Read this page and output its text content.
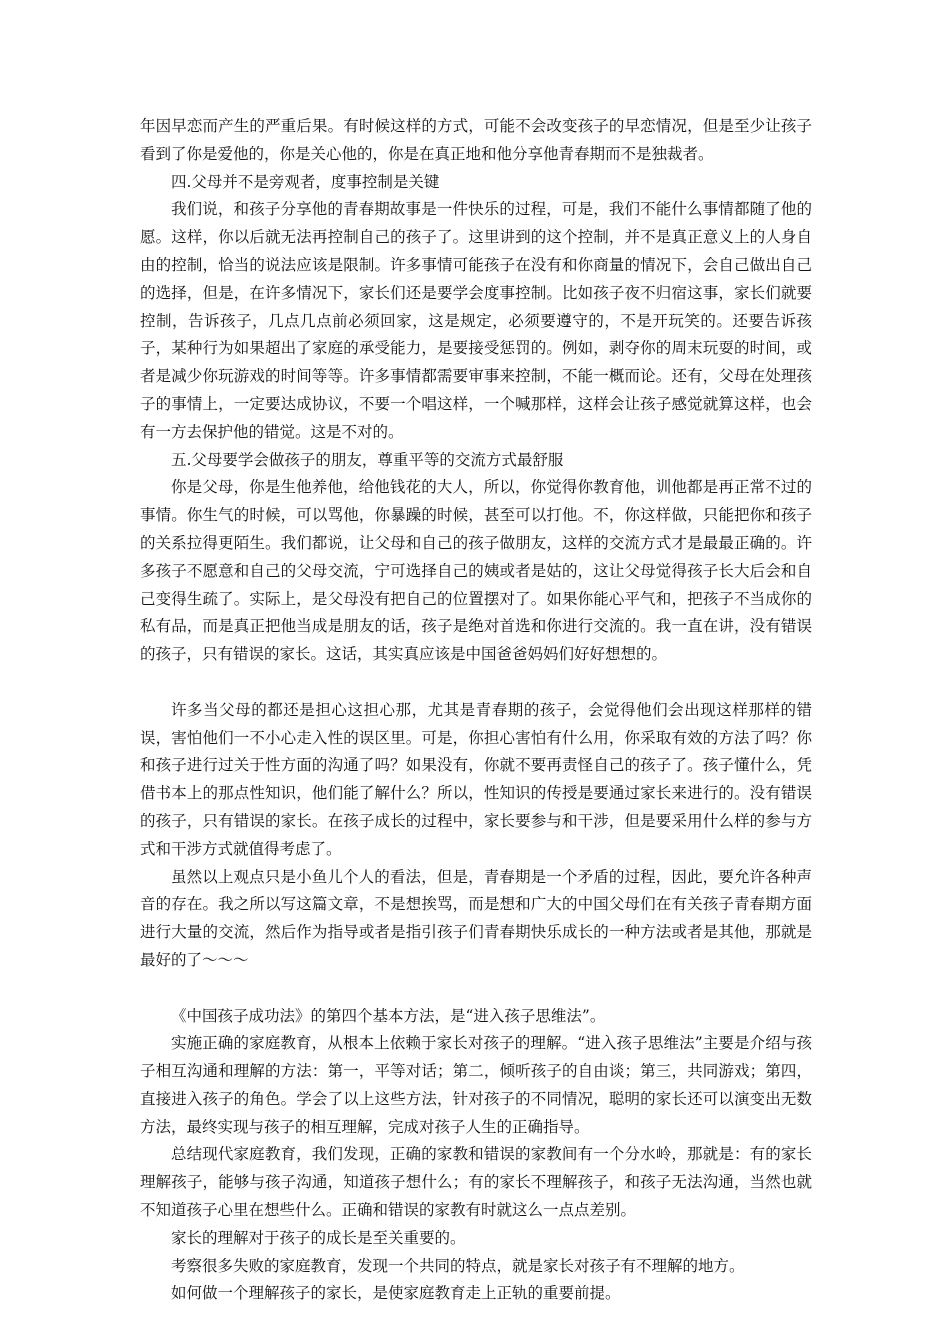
年因早恋而产生的严重后果。有时候这样的方式，可能不会改变孩子的早恋情况，但是至少让孩子看到了你是爱他的，你是关心他的，你是在真正地和他分享他青春期而不是独裁者。

四.父母并不是旁观者，度事控制是关键

我们说，和孩子分享他的青春期故事是一件快乐的过程，可是，我们不能什么事情都随了他的愿。这样，你以后就无法再控制自己的孩子了。这里讲到的这个控制，并不是真正意义上的人身自由的控制，恰当的说法应该是限制。许多事情可能孩子在没有和你商量的情况下，会自己做出自己的选择，但是，在许多情况下，家长们还是要学会度事控制。比如孩子夜不归宿这事，家长们就要控制，告诉孩子，几点几点前必须回家，这是规定，必须要遵守的，不是开玩笑的。还要告诉孩子，某种行为如果超出了家庭的承受能力，是要接受惩罚的。例如，剥夺你的周末玩耍的时间，或者是减少你玩游戏的时间等等。许多事情都需要审事来控制，不能一概而论。还有，父母在处理孩子的事情上，一定要达成协议，不要一个唱这样，一个喊那样，这样会让孩子感觉就算这样，也会有一方去保护他的错觉。这是不对的。

五.父母要学会做孩子的朋友，尊重平等的交流方式最舒服

你是父母，你是生他养他，给他钱花的大人，所以，你觉得你教育他，训他都是再正常不过的事情。你生气的时候，可以骂他，你暴躁的时候，甚至可以打他。不，你这样做，只能把你和孩子的关系拉得更陌生。我们都说，让父母和自己的孩子做朋友，这样的交流方式才是最最正确的。许多孩子不愿意和自己的父母交流，宁可选择自己的姨或者是姑的，这让父母觉得孩子长大后会和自己变得生疏了。实际上，是父母没有把自己的位置摆对了。如果你能心平气和，把孩子不当成你的私有品，而是真正把他当成是朋友的话，孩子是绝对首选和你进行交流的。我一直在讲，没有错误的孩子，只有错误的家长。这话，其实真应该是中国爸爸妈妈们好好想想的。

许多当父母的都还是担心这担心那，尤其是青春期的孩子，会觉得他们会出现这样那样的错误，害怕他们一不小心走入性的误区里。可是，你担心害怕有什么用，你采取有效的方法了吗？你和孩子进行过关于性方面的沟通了吗？如果没有，你就不要再责怪自己的孩子了。孩子懂什么，凭借书本上的那点性知识，他们能了解什么？所以，性知识的传授是要通过家长来进行的。没有错误的孩子，只有错误的家长。在孩子成长的过程中，家长要参与和干涉，但是要采用什么样的参与方式和干涉方式就值得考虑了。

虽然以上观点只是小鱼儿个人的看法，但是，青春期是一个矛盾的过程，因此，要允许各种声音的存在。我之所以写这篇文章，不是想挨骂，而是想和广大的中国父母们在有关孩子青春期方面进行大量的交流，然后作为指导或者是指引孩子们青春期快乐成长的一种方法或者是其他，那就是最好的了～～～

《中国孩子成功法》的第四个基本方法，是“进入孩子思维法”。

实施正确的家庭教育，从根本上依赖于家长对孩子的理解。“进入孩子思维法”主要是介绍与孩子相互沟通和理解的方法：第一，平等对话；第二，倾听孩子的自由谈；第三，共同游戏；第四，直接进入孩子的角色。学会了以上这些方法，针对孩子的不同情况，聪明的家长还可以演变出无数方法，最终实现与孩子的相互理解，完成对孩子人生的正确指导。

总结现代家庭教育，我们发现，正确的家教和错误的家教间有一个分水岭，那就是：有的家长理解孩子，能够与孩子沟通，知道孩子想什么；有的家长不理解孩子，和孩子无法沟通，当然也就不知道孩子心里在想些什么。正确和错误的家教有时就这么一点点差别。

家长的理解对于孩子的成长是至关重要的。

考察很多失败的家庭教育，发现一个共同的特点，就是家长对孩子有不理解的地方。

如何做一个理解孩子的家长，是使家庭教育走上正轨的重要前提。
